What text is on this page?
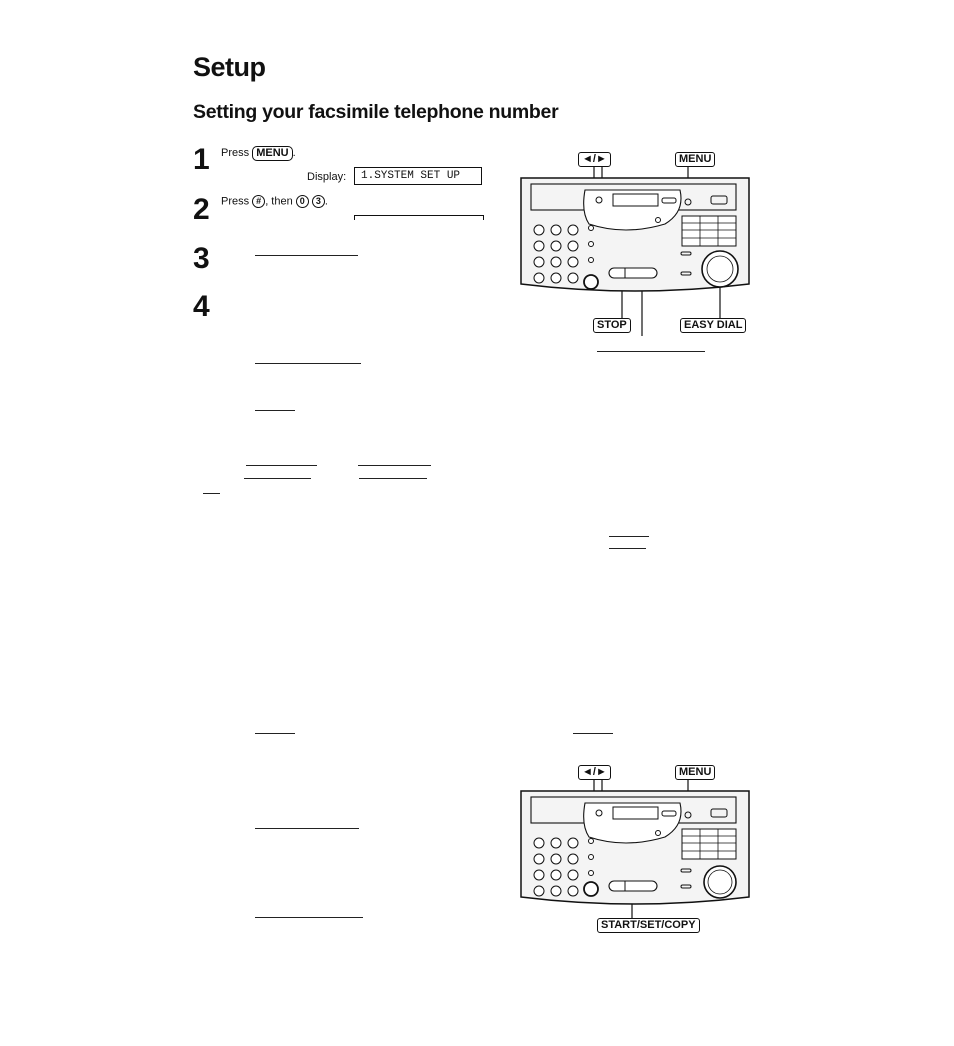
Setup
Setting your facsimile telephone number
1 Press MENU .
Display:	1.SYSTEM SET UP
2 Press # , then 0 3 .
3
4
◄/►	MENU
STOP	EASY DIAL
◄/►	MENU
START/SET/COPY
